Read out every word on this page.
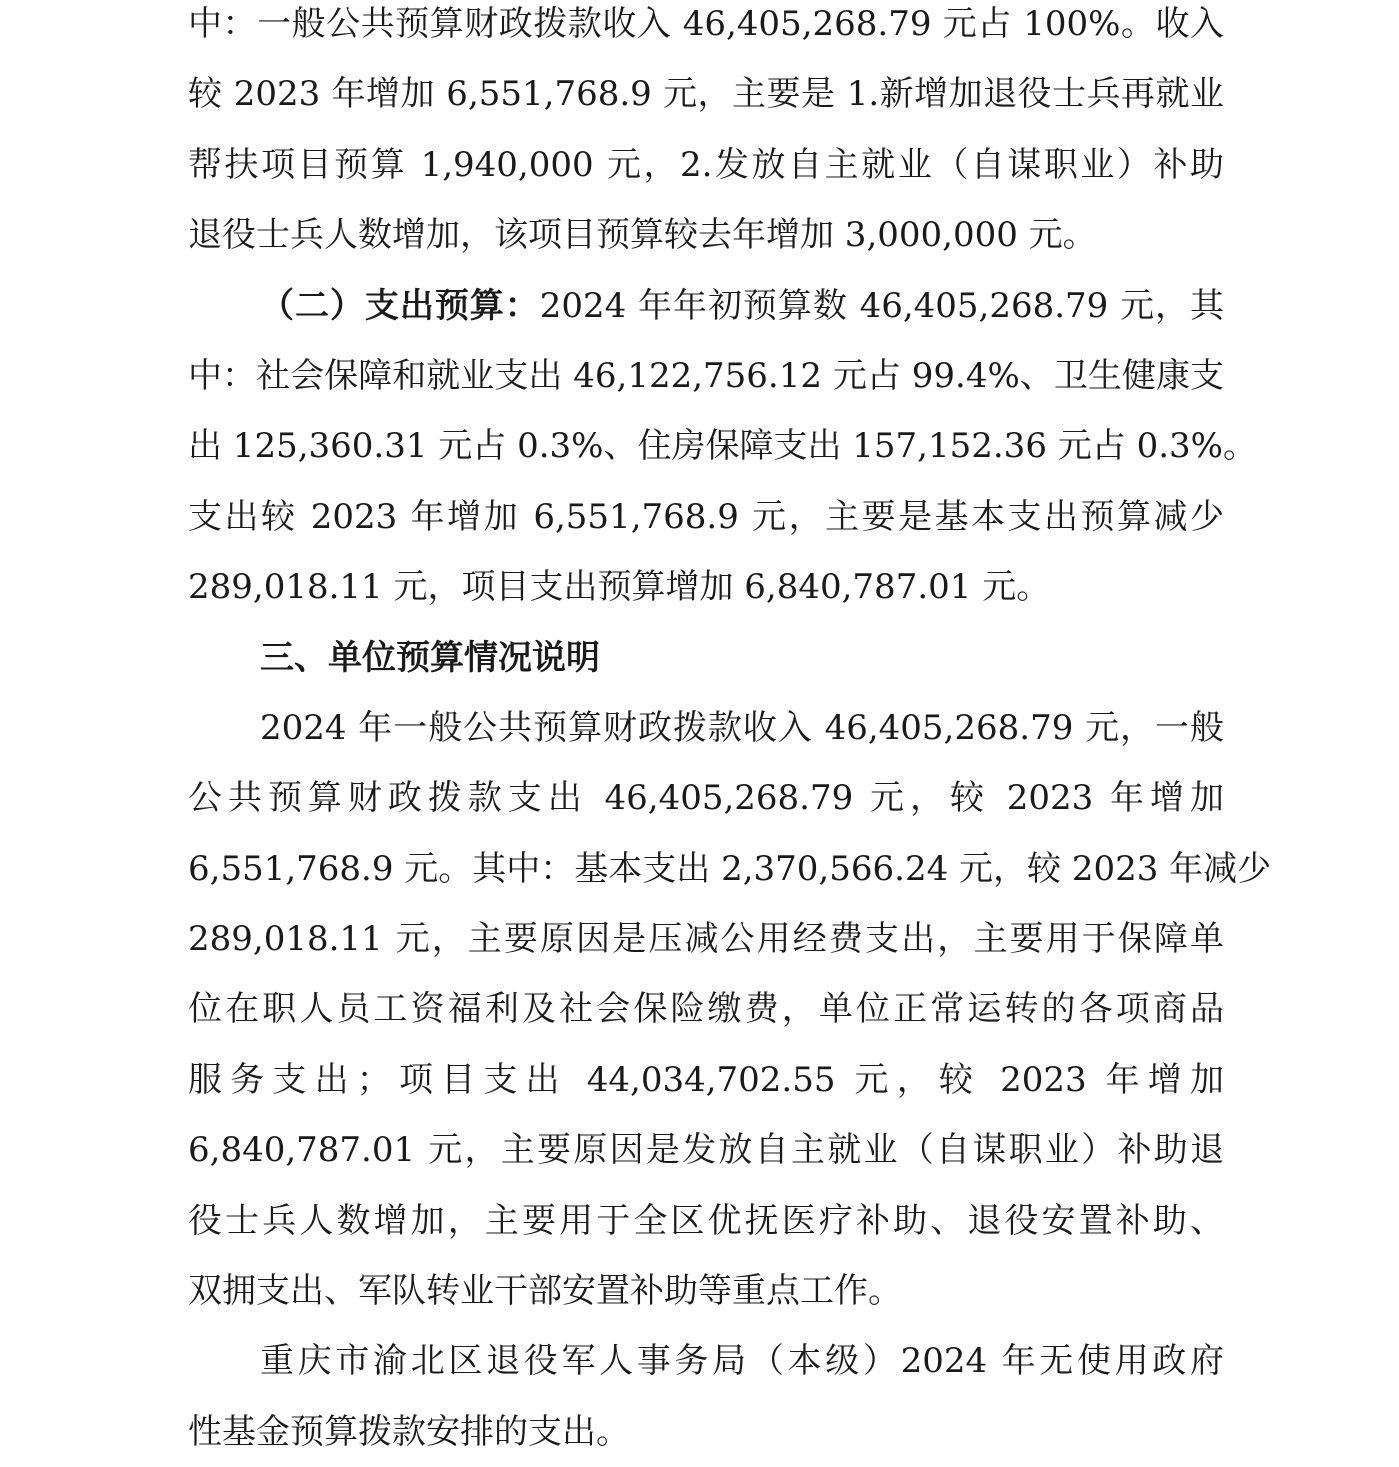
中：一般公共预算财政拨款收入 46,405,268.79 元占 100%。收入
较 2023 年增加 6,551,768.9 元，主要是 1.新增加退役士兵再就业
帮扶项目预算 1,940,000 元，2.发放自主就业（自谋职业）补助
退役士兵人数增加，该项目预算较去年增加 3,000,000 元。
（二）支出预算：2024 年年初预算数 46,405,268.79 元，其
中：社会保障和就业支出 46,122,756.12 元占 99.4%、卫生健康支
出 125,360.31 元占 0.3%、住房保障支出 157,152.36 元占 0.3%。
支出较 2023 年增加 6,551,768.9 元，主要是基本支出预算减少
289,018.11 元，项目支出预算增加 6,840,787.01 元。
三、单位预算情况说明
2024 年一般公共预算财政拨款收入 46,405,268.79 元，一般
公共预算财政拨款支出 46,405,268.79 元，较 2023 年增加
6,551,768.9 元。其中：基本支出 2,370,566.24 元，较 2023 年减少
289,018.11 元，主要原因是压减公用经费支出，主要用于保障单
位在职人员工资福利及社会保险缴费，单位正常运转的各项商品
服务支出；项目支出 44,034,702.55 元，较 2023 年增加
6,840,787.01 元，主要原因是发放自主就业（自谋职业）补助退
役士兵人数增加，主要用于全区优抚医疗补助、退役安置补助、
双拥支出、军队转业干部安置补助等重点工作。
重庆市渝北区退役军人事务局（本级）2024 年无使用政府
性基金预算拨款安排的支出。
